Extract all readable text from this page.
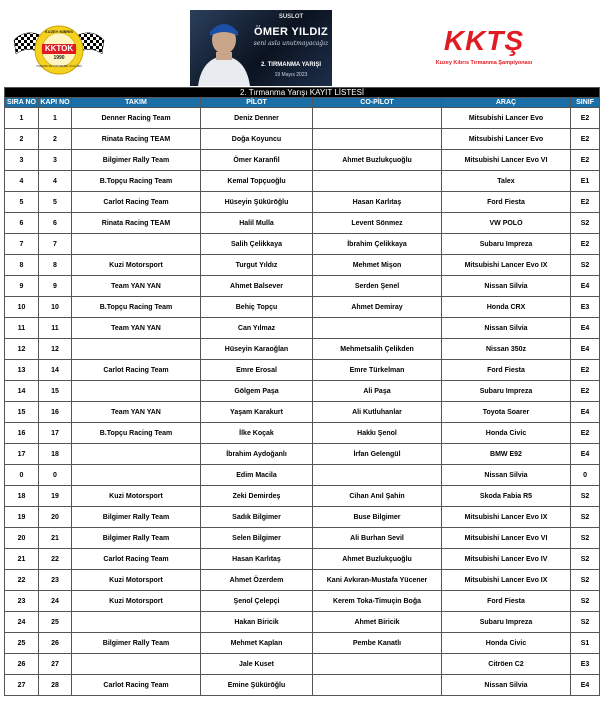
KUZEY KIBRIS
KKTOK
1990
TURİZM VE OTOMOBİL KULÜBÜ
SUSLOT
ÖMER YILDIZ
seni asla unutmayacağız
2. TIRMANMA YARIŞI
19 Mayıs 2023
KKTŞ
Kuzey Kıbrıs Tırmanma Şampiyonası
2. Tırmanma Yarışı KAYIT LİSTESİ						
SIRA NO	KAPI NO	TAKIM	PİLOT	CO-PİLOT	ARAÇ	SINIF
1	1	Denner Racing Team	Deniz Denner		Mitsubishi Lancer Evo	E2
2	2	Rinata Racing TEAM	Doğa Koyuncu		Mitsubishi Lancer Evo	E2
3	3	Bilgimer Rally Team	Ömer Karanfil	Ahmet Buzlukçuoğlu	Mitsubishi Lancer Evo VI	E2
4	4	B.Topçu Racing Team	Kemal Topçuoğlu		Talex	E1
5	5	Carlot Racing Team	Hüseyin Şükürōğlu	Hasan Karlıtaş	Ford Fiesta	E2
6	6	Rinata Racing TEAM	Halil Mulla	Levent Sönmez	VW POLO	S2
7	7		Salih Çelikkaya	İbrahim Çelikkaya	Subaru Impreza	E2
8	8	Kuzi Motorsport	Turgut Yıldız	Mehmet Mişon	Mitsubishi Lancer Evo IX	S2
9	9	Team YAN YAN	Ahmet Balsever	Serden Şenel	Nissan Silvia	E4
10	10	B.Topçu Racing Team	Behiç Topçu	Ahmet Demiray	Honda CRX	E3
11	11	Team YAN YAN	Can Yılmaz		Nissan Silvia	E4
12	12		Hüseyin Karaoğlan	Mehmetsalih Çelikden	Nissan 350z	E4
13	14	Carlot Racing Team	Emre Erosal	Emre Türkelman	Ford Fiesta	E2
14	15		Gölgem Paşa	Ali Paşa	Subaru Impreza	E2
15	16	Team YAN YAN	Yaşam Karakurt	Ali Kutluhanlar	Toyota Soarer	E4
16	17	B.Topçu Racing Team	İlke Koçak	Hakkı Şenol	Honda Civic	E2
17	18		İbrahim Aydoğanlı	İrfan Gelengül	BMW E92	E4
0	0		Edim Macila		Nissan Silvia	0
18	19	Kuzi Motorsport	Zeki Demirdeş	Cihan Anıl Şahin	Skoda Fabia R5	S2
19	20	Bilgimer Rally Team	Sadık Bilgimer	Buse Bilgimer	Mitsubishi Lancer Evo IX	S2
20	21	Bilgimer Rally Team	Selen Bilgimer	Ali Burhan Sevil	Mitsubishi Lancer Evo VI	S2
21	22	Carlot Racing Team	Hasan Karlıtaş	Ahmet Buzlukçuoğlu	Mitsubishi Lancer Evo IV	S2
22	23	Kuzi Motorsport	Ahmet Özerdem	Kani Avkıran-Mustafa Yücener	Mitsubishi Lancer Evo IX	S2
23	24	Kuzi Motorsport	Şenol Çelepçi	Kerem Toka-Timuçin Boğa	Ford Fiesta	S2
24	25		Hakan Biricik	Ahmet Biricik	Subaru Impreza	S2
25	26	Bilgimer Rally Team	Mehmet Kaplan	Pembe Kanatlı	Honda Civic	S1
26	27		Jale Kuset		Citröen C2	E3
27	28	Carlot Racing Team	Emine Şükürōğlu		Nissan Silvia	E4
